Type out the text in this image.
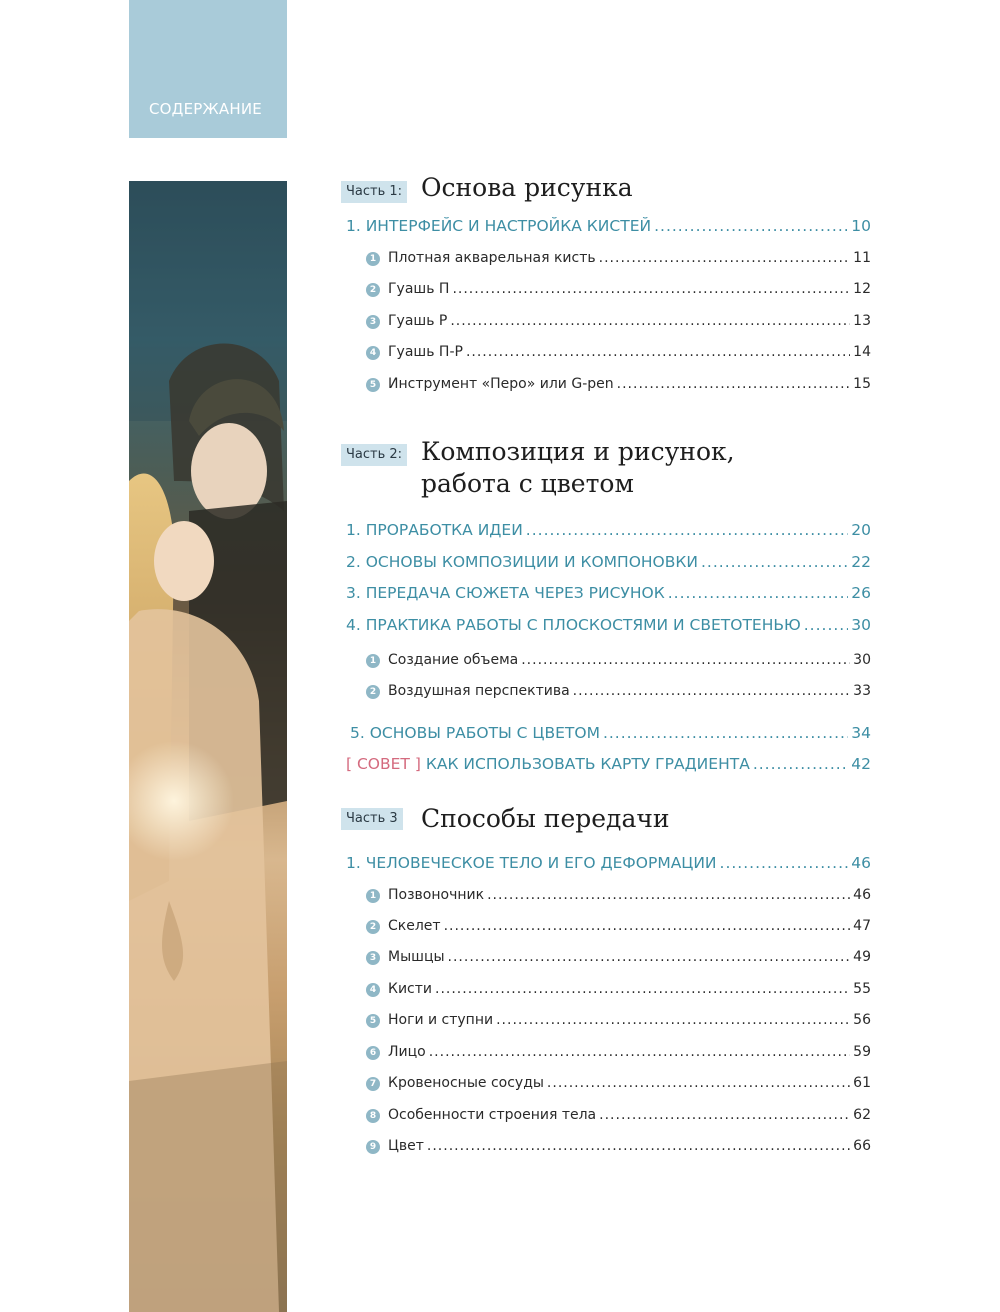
СОДЕРЖАНИЕ
Часть 1: Основа рисунка
1. ИНТЕРФЕЙС И НАСТРОЙКА КИСТЕЙ .....	10
1 Плотная акварельная кисть .....	11
2 Гуашь П .....	12
3 Гуашь Р .....	13
4 Гуашь П-Р .....	14
5 Инструмент «Перо» или G-pen .....	15
Часть 2: Композиция и рисунок,
работа с цветом
1. ПРОРАБОТКА ИДЕИ .....	20
2. ОСНОВЫ КОМПОЗИЦИИ И КОМПОНОВКИ .....	22
3. ПЕРЕДАЧА СЮЖЕТА ЧЕРЕЗ РИСУНОК .....	26
4. ПРАКТИКА РАБОТЫ С ПЛОСКОСТЯМИ И СВЕТОТЕНЬЮ .....	30
1 Создание объема .....	30
2 Воздушная перспектива .....	33
5. ОСНОВЫ РАБОТЫ С ЦВЕТОМ .....	34
[ СОВЕТ ] КАК ИСПОЛЬЗОВАТЬ КАРТУ ГРАДИЕНТА .....	42
Часть 3 Способы передачи
1. ЧЕЛОВЕЧЕСКОЕ ТЕЛО И ЕГО ДЕФОРМАЦИИ .....	46
1 Позвоночник .....	46
2 Скелет .....	47
3 Мышцы .....	49
4 Кисти .....	55
5 Ноги и ступни .....	56
6 Лицо .....	59
7 Кровеносные сосуды .....	61
8 Особенности строения тела .....	62
9 Цвет .....	66
